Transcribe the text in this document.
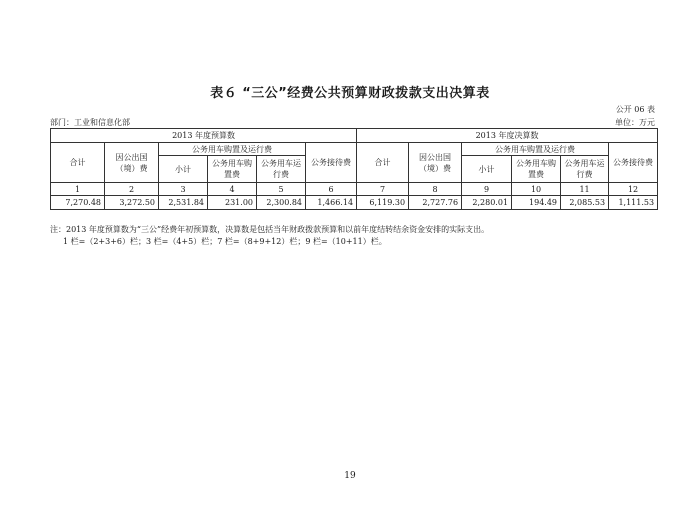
表６ “三公”经费公共预算财政拨款支出决算表
公开 06 表
部门：工业和信息化部	单位：万元
2013 年度预算数						2013 年度决算数					
合计	因公出国（境）费	公务用车购置及运行费			公务接待费	合计	因公出国（境）费	公务用车购置及运行费			公务接待费
		小计	公务用车购置费	公务用车运行费				小计	公务用车购置费	公务用车运行费	
1	2	3	4	5	6	7	8	9	10	11	12
7,270.48	3,272.50	2,531.84	231.00	2,300.84	1,466.14	6,119.30	2,727.76	2,280.01	194.49	2,085.53	1,111.53
注：2013 年度预算数为“三公”经费年初预算数，决算数是包括当年财政拨款预算和以前年度结转结余资金安排的实际支出。
1 栏=（2+3+6）栏；3 栏=（4+5）栏；7 栏=（8+9+12）栏；9 栏=（10+11）栏。
19
